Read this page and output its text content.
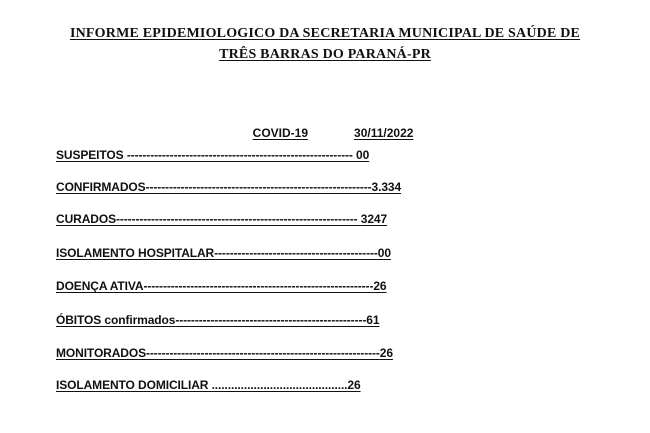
INFORME EPIDEMIOLOGICO DA SECRETARIA MUNICIPAL DE SAÚDE DE
TRÊS BARRAS DO PARANÁ-PR

COVID-19	30/11/2022

SUSPEITOS ---------------------------------------------------------- 00
CONFIRMADOS----------------------------------------------------------3.334
CURADOS-------------------------------------------------------------- 3247
ISOLAMENTO HOSPITALAR------------------------------------------00
DOENÇA ATIVA-----------------------------------------------------------26
ÓBITOS confirmados-------------------------------------------------61
MONITORADOS------------------------------------------------------------26
ISOLAMENTO DOMICILIAR ..........................................26
